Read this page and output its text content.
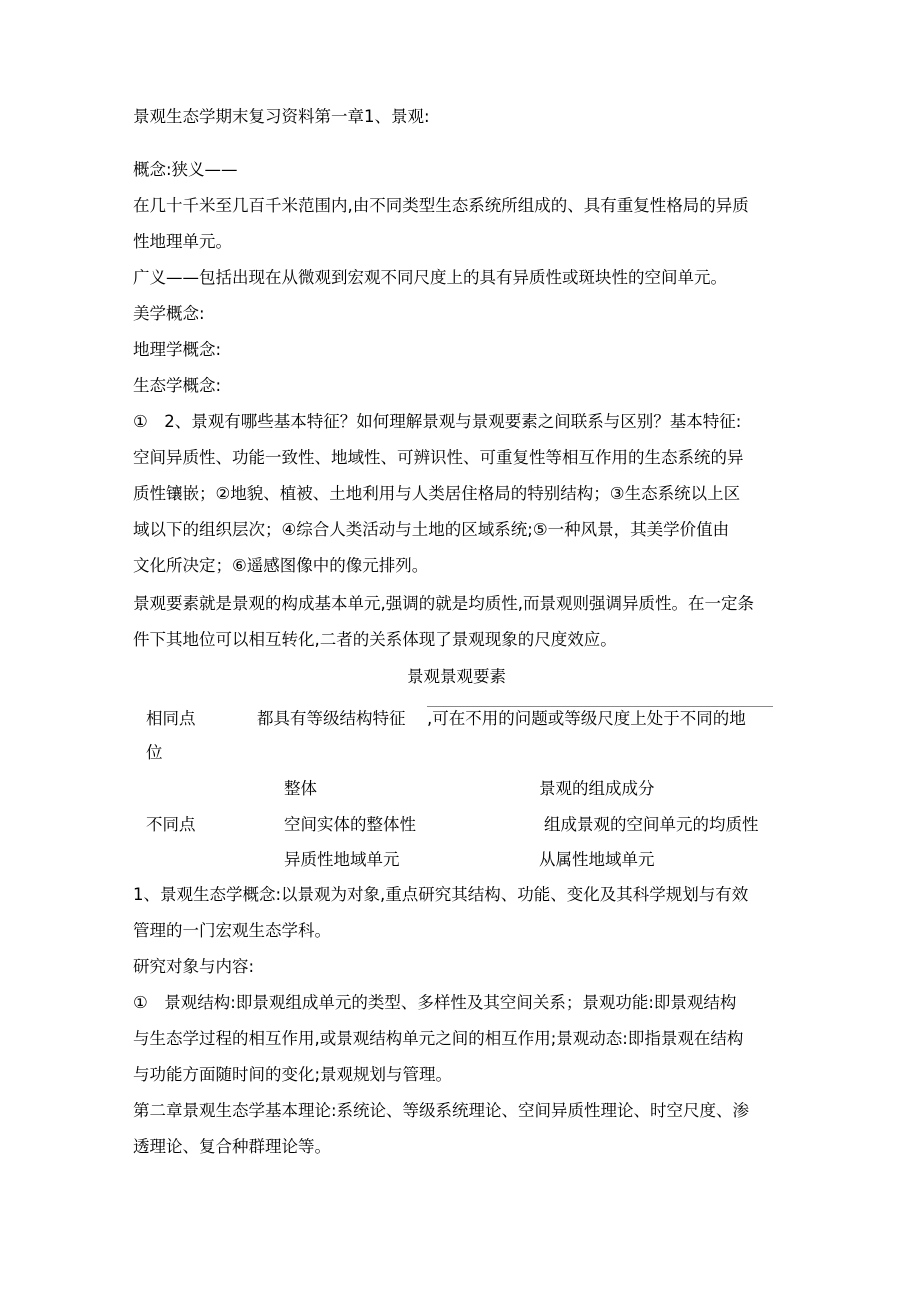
景观生态学期末复习资料第一章1、景观:
概念:狭义——
在几十千米至几百千米范围内,由不同类型生态系统所组成的、具有重复性格局的异质
性地理单元。
广义——包括出现在从微观到宏观不同尺度上的具有异质性或斑块性的空间单元。
美学概念:
地理学概念:
生态学概念:
①　2、景观有哪些基本特征？如何理解景观与景观要素之间联系与区别？基本特征:
空间异质性、功能一致性、地域性、可辨识性、可重复性等相互作用的生态系统的异
质性镶嵌；②地貌、植被、土地利用与人类居住格局的特别结构；③生态系统以上区
域以下的组织层次；④综合人类活动与土地的区域系统;⑤一种风景，其美学价值由
文化所决定；⑥遥感图像中的像元排列。
景观要素就是景观的构成基本单元,强调的就是均质性,而景观则强调异质性。在一定条
件下其地位可以相互转化,二者的关系体现了景观现象的尺度效应。
景观景观要素
相同点	都具有等级结构特征 ,可在不用的问题或等级尺度上处于不同的地
位
整体	景观的组成成分
不同点	空间实体的整体性	组成景观的空间单元的均质性
异质性地域单元	从属性地域单元
1、景观生态学概念:以景观为对象,重点研究其结构、功能、变化及其科学规划与有效
管理的一门宏观生态学科。
研究对象与内容:
①　景观结构:即景观组成单元的类型、多样性及其空间关系；景观功能:即景观结构
与生态学过程的相互作用,或景观结构单元之间的相互作用;景观动态:即指景观在结构
与功能方面随时间的变化;景观规划与管理。
第二章景观生态学基本理论:系统论、等级系统理论、空间异质性理论、时空尺度、渗
透理论、复合种群理论等。
